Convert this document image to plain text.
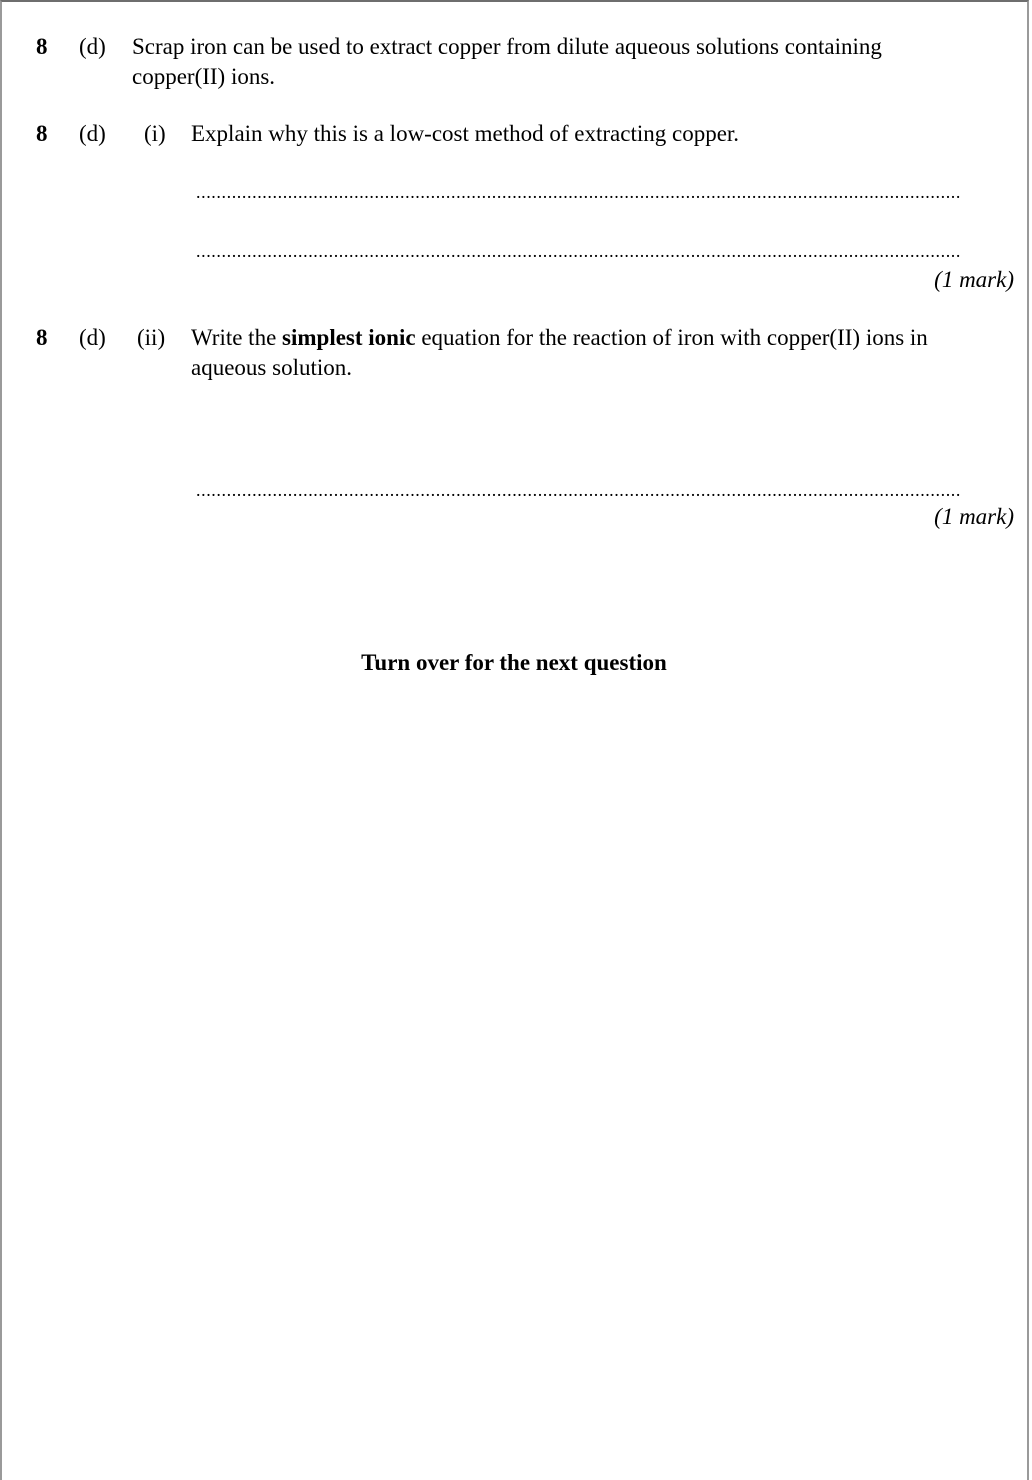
8 (d) Scrap iron can be used to extract copper from dilute aqueous solutions containing
copper(II) ions.
8 (d) (i) Explain why this is a low-cost method of extracting copper.
......................................................................................................................................................
......................................................................................................................................................
(1 mark)
8 (d) (ii) Write the simplest ionic equation for the reaction of iron with copper(II) ions in
aqueous solution.
......................................................................................................................................................
(1 mark)
Turn over for the next question
